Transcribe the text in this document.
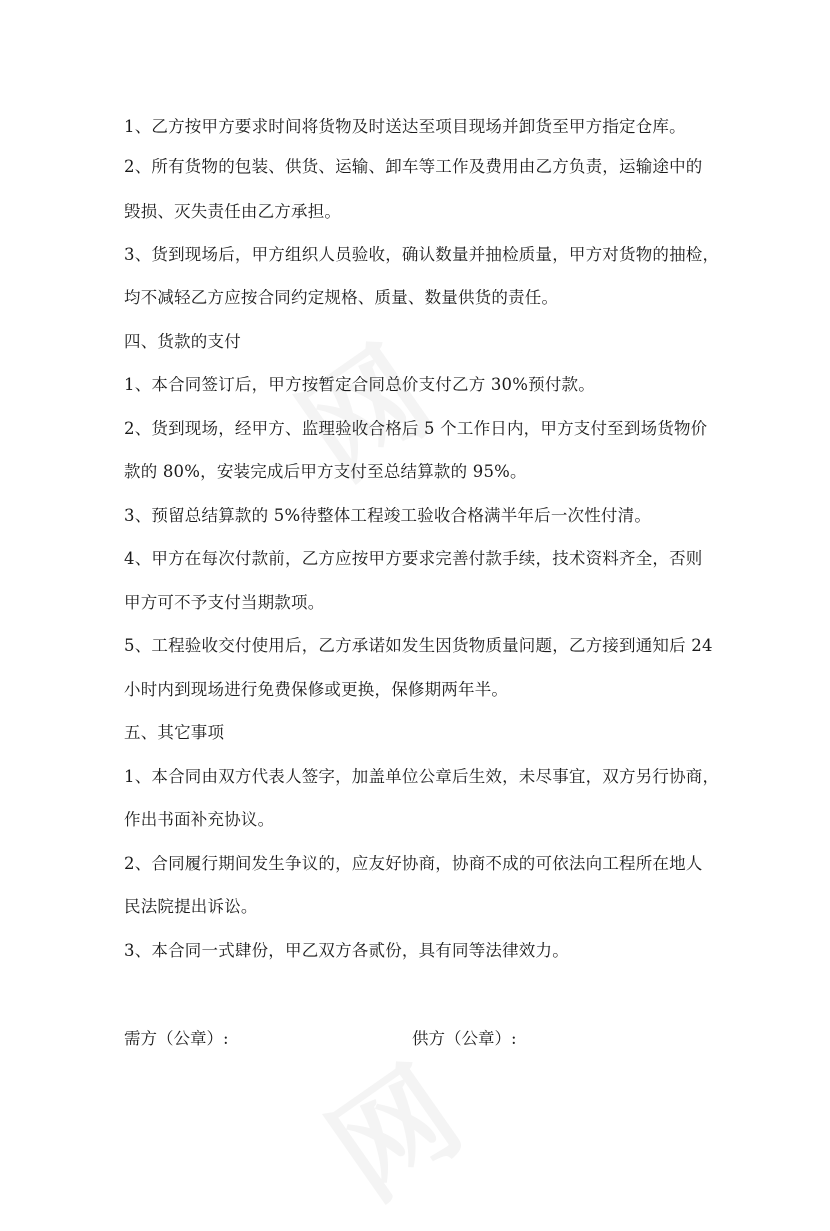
1、乙方按甲方要求时间将货物及时送达至项目现场并卸货至甲方指定仓库。
2、所有货物的包装、供货、运输、卸车等工作及费用由乙方负责，运输途中的
毁损、灭失责任由乙方承担。
3、货到现场后，甲方组织人员验收，确认数量并抽检质量，甲方对货物的抽检，
均不减轻乙方应按合同约定规格、质量、数量供货的责任。
四、货款的支付
1、本合同签订后，甲方按暂定合同总价支付乙方 30%预付款。
2、货到现场，经甲方、监理验收合格后 5 个工作日内，甲方支付至到场货物价
款的 80%，安装完成后甲方支付至总结算款的 95%。
3、预留总结算款的 5%待整体工程竣工验收合格满半年后一次性付清。
4、甲方在每次付款前，乙方应按甲方要求完善付款手续，技术资料齐全，否则
甲方可不予支付当期款项。
5、工程验收交付使用后，乙方承诺如发生因货物质量问题，乙方接到通知后 24
小时内到现场进行免费保修或更换，保修期两年半。
五、其它事项
1、本合同由双方代表人签字，加盖单位公章后生效，未尽事宜，双方另行协商，
作出书面补充协议。
2、合同履行期间发生争议的，应友好协商，协商不成的可依法向工程所在地人
民法院提出诉讼。
3、本合同一式肆份，甲乙双方各贰份，具有同等法律效力。
需方（公章）:	供方（公章）:
